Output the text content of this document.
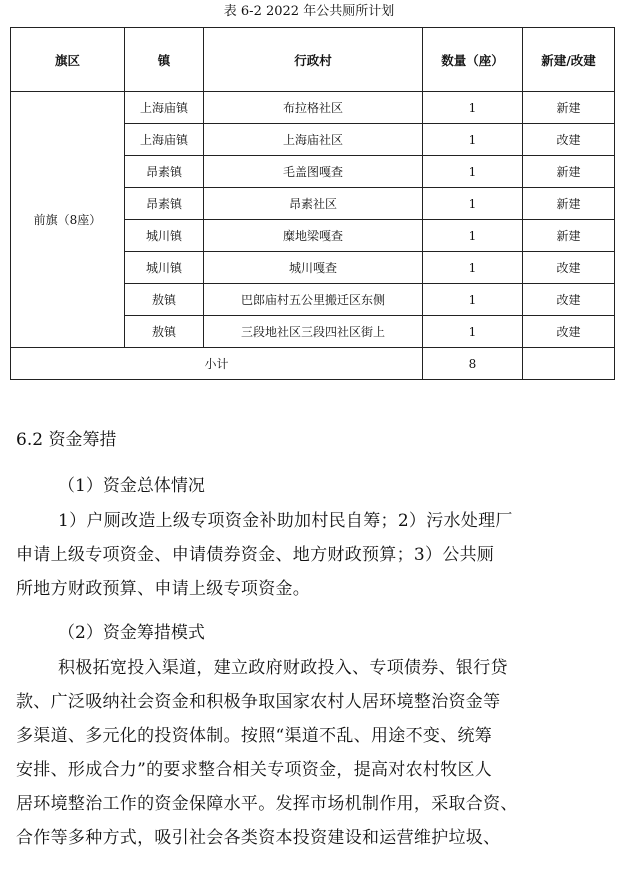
表 6-2 2022 年公共厕所计划
旗区	镇	行政村	数量（座）	新建/改建
前旗（8座）	上海庙镇	布拉格社区	1	新建
	上海庙镇	上海庙社区	1	改建
	昂素镇	毛盖图嘎查	1	新建
	昂素镇	昂素社区	1	新建
	城川镇	糜地梁嘎查	1	新建
	城川镇	城川嘎查	1	改建
	敖镇	巴郎庙村五公里搬迁区东侧	1	改建
	敖镇	三段地社区三段四社区街上	1	改建
小计			8	
6.2 资金筹措
（1）资金总体情况
1）户厕改造上级专项资金补助加村民自筹；2）污水处理厂
申请上级专项资金、申请债券资金、地方财政预算；3）公共厕
所地方财政预算、申请上级专项资金。
（2）资金筹措模式
积极拓宽投入渠道，建立政府财政投入、专项债券、银行贷
款、广泛吸纳社会资金和积极争取国家农村人居环境整治资金等
多渠道、多元化的投资体制。按照“渠道不乱、用途不变、统筹
安排、形成合力”的要求整合相关专项资金，提高对农村牧区人
居环境整治工作的资金保障水平。发挥市场机制作用，采取合资、
合作等多种方式，吸引社会各类资本投资建设和运营维护垃圾、
